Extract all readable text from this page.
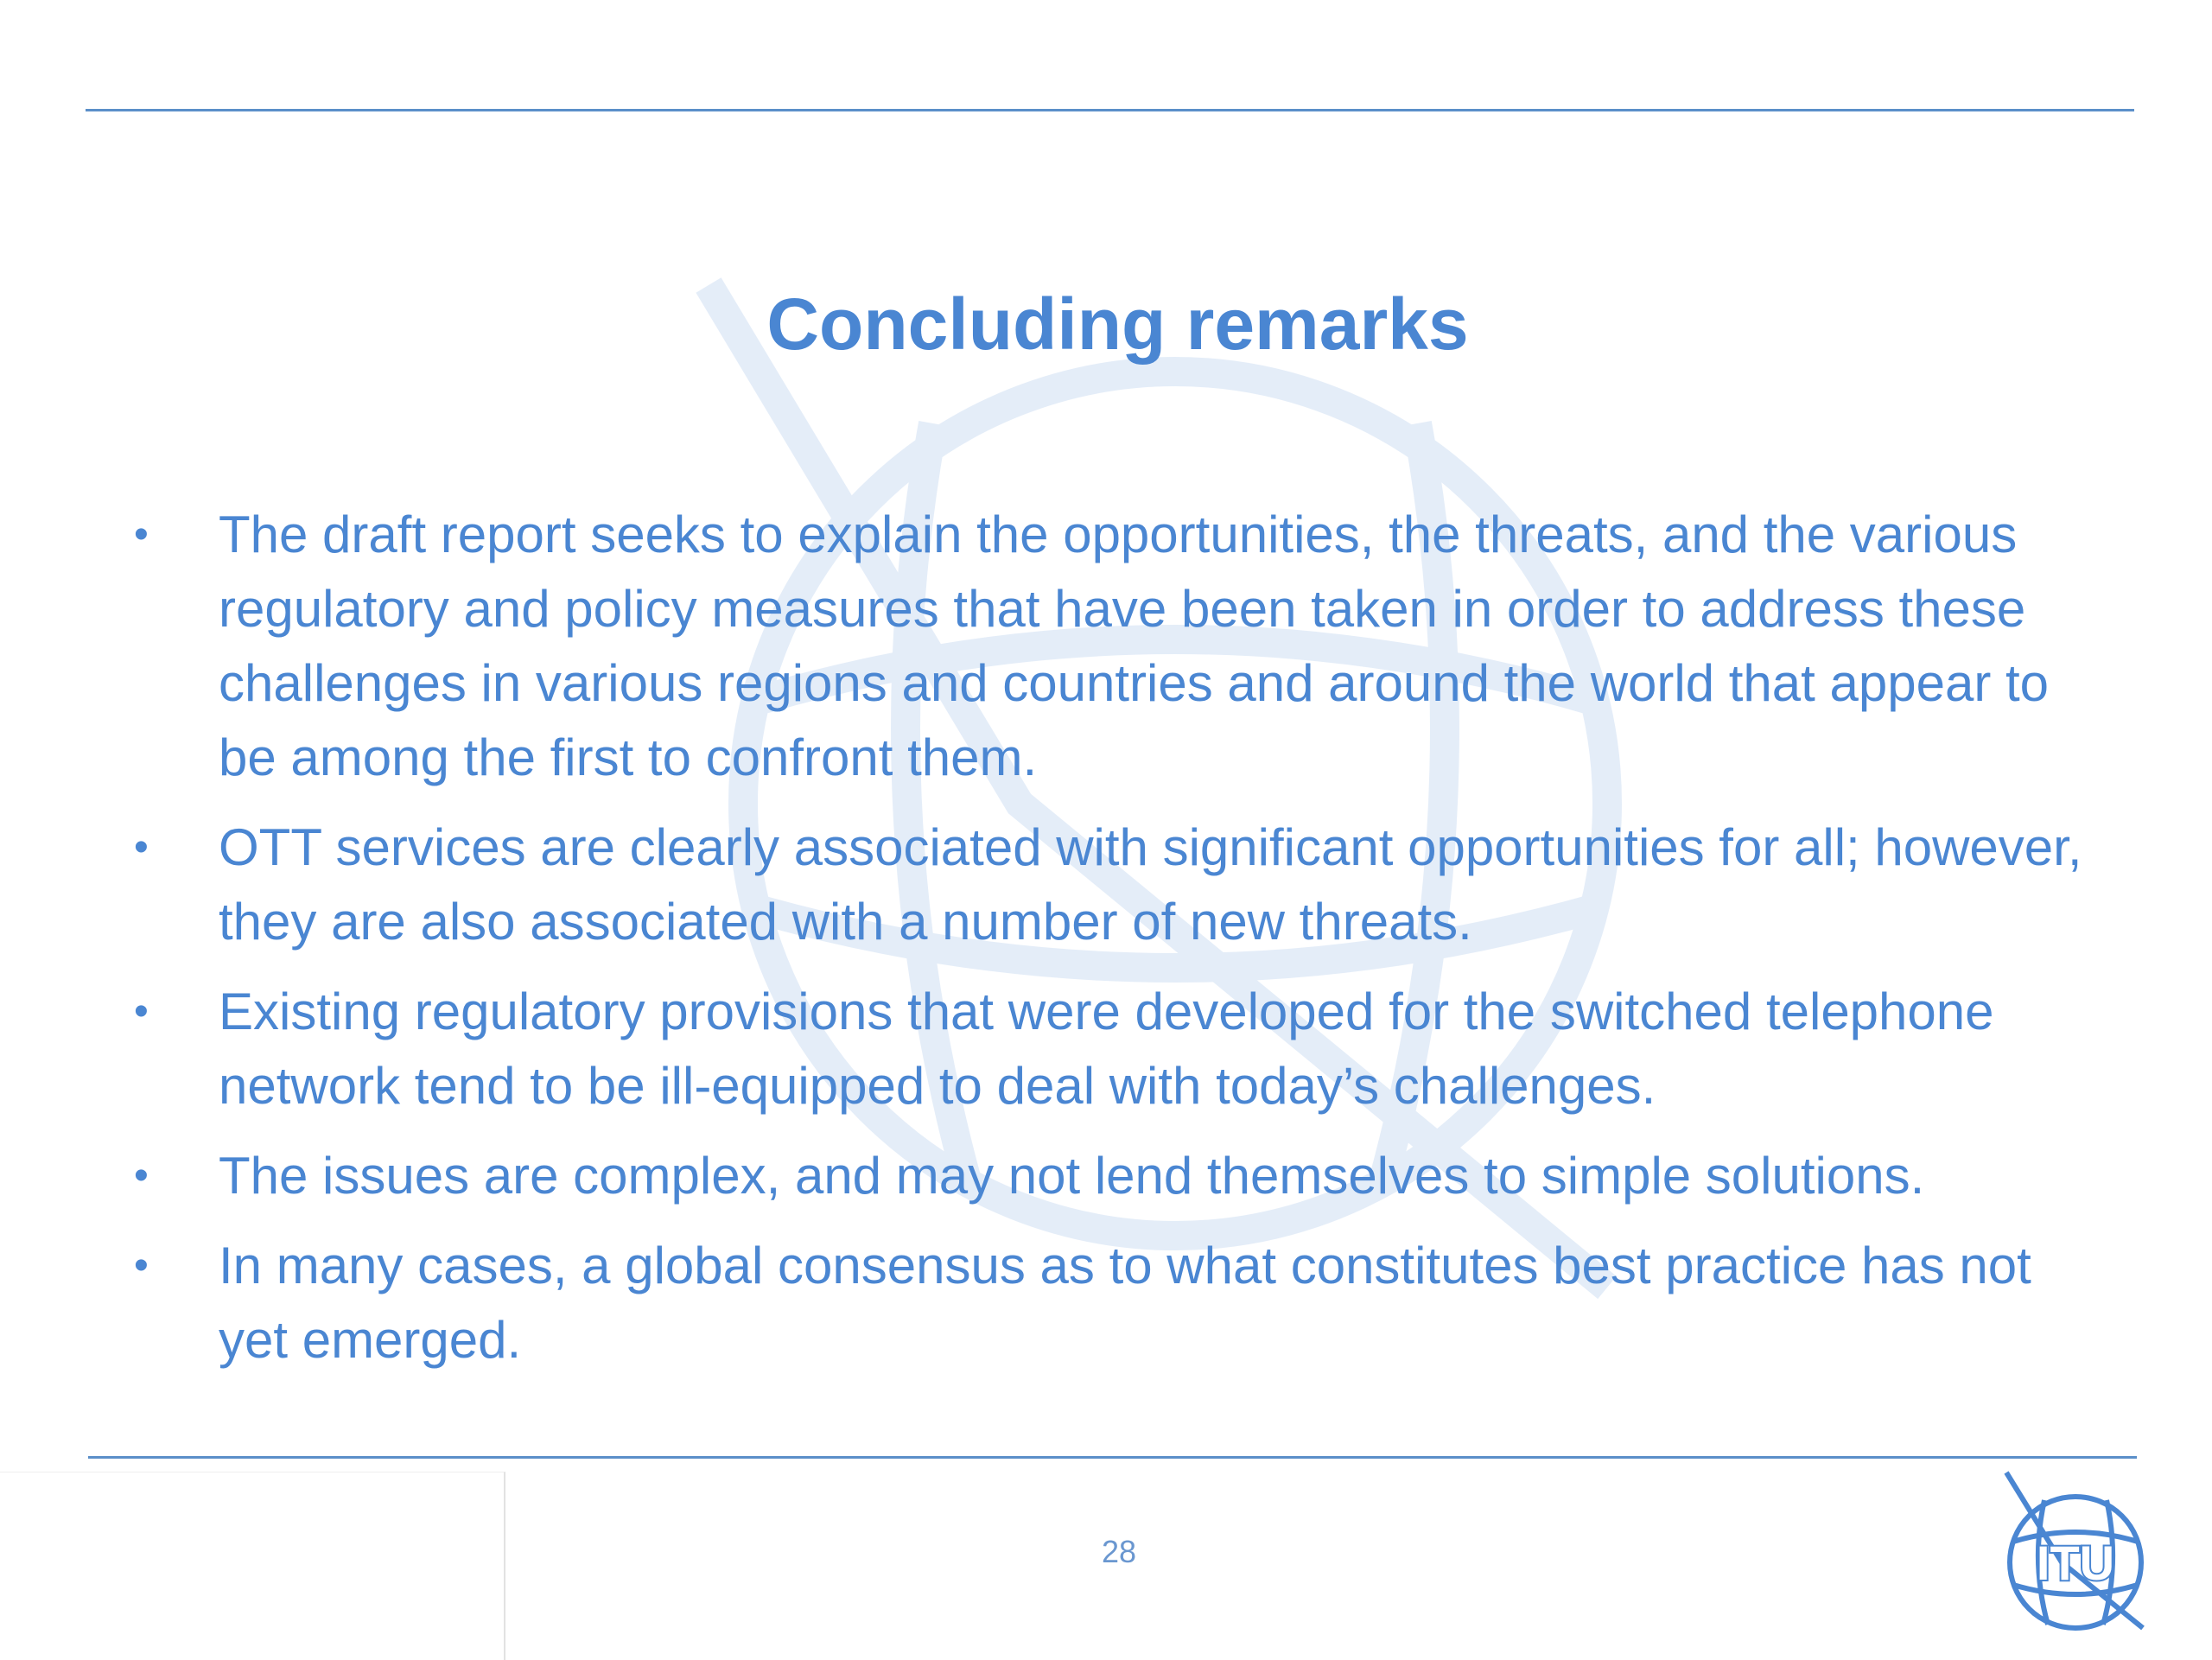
Concluding remarks
• The draft report seeks to explain the opportunities, the threats, and the various regulatory and policy measures that have been taken in order to address these challenges in various regions and countries and around the world that appear to be among the first to confront them.
• OTT services are clearly associated with significant opportunities for all; however, they are also associated with a number of new threats.
• Existing regulatory provisions that were developed for the switched telephone network tend to be ill-equipped to deal with today’s challenges.
• The issues are complex, and may not lend themselves to simple solutions.
• In many cases, a global consensus as to what constitutes best practice has not yet emerged.
28	ITU
